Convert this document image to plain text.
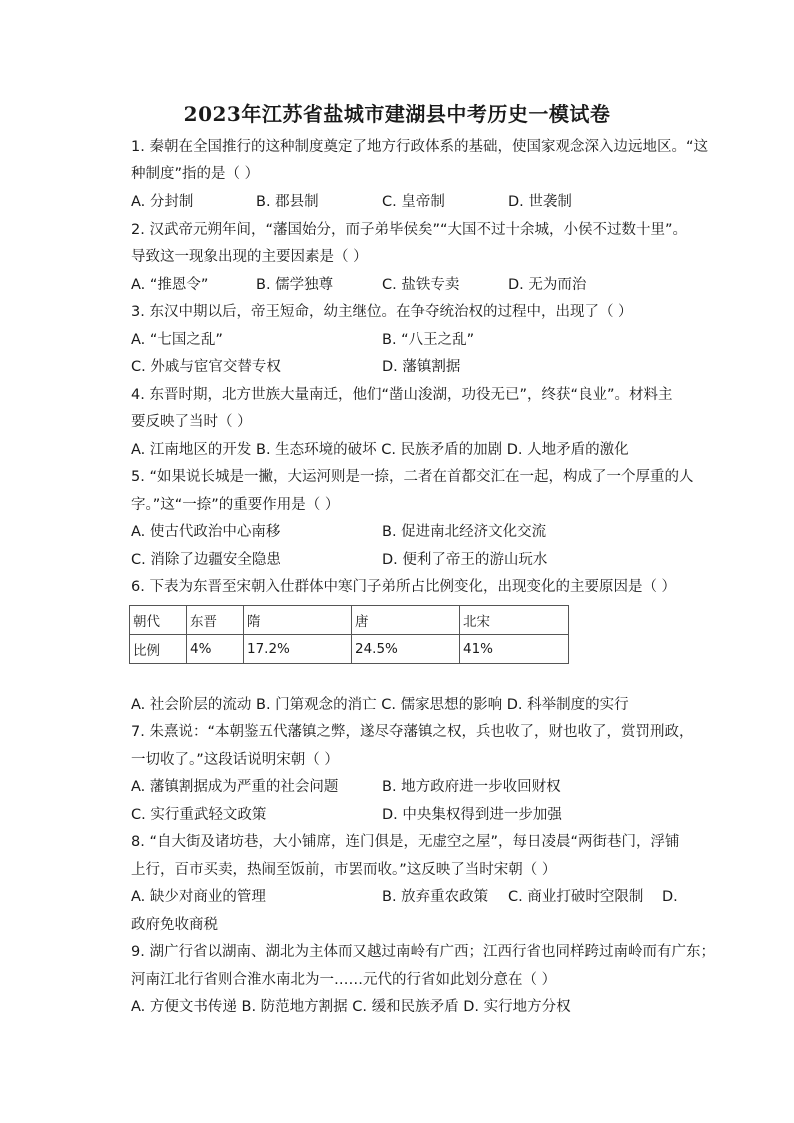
2023年江苏省盐城市建湖县中考历史一模试卷
1. 秦朝在全国推行的这种制度奠定了地方行政体系的基础，使国家观念深入边远地区。“这
种制度”指的是（ ）
A. 分封制	B. 郡县制	C. 皇帝制	D. 世袭制
2. 汉武帝元朔年间，“藩国始分，而子弟毕侯矣”“大国不过十余城，小侯不过数十里”。
导致这一现象出现的主要因素是（ ）
A. “推恩令”	B. 儒学独尊	C. 盐铁专卖	D. 无为而治
3. 东汉中期以后，帝王短命，幼主继位。在争夺统治权的过程中，出现了（ ）
A. “七国之乱”	B. “八王之乱”
C. 外戚与宦官交替专权	D. 藩镇割据
4. 东晋时期，北方世族大量南迁，他们“凿山浚湖，功役无已”，终获“良业”。材料主
要反映了当时（ ）
A. 江南地区的开发 B. 生态环境的破坏 C. 民族矛盾的加剧 D. 人地矛盾的激化
5. “如果说长城是一撇，大运河则是一捺，二者在首都交汇在一起，构成了一个厚重的人
字。”这“一捺”的重要作用是（ ）
A. 使古代政治中心南移	B. 促进南北经济文化交流
C. 消除了边疆安全隐患	D. 便利了帝王的游山玩水
6. 下表为东晋至宋朝入仕群体中寒门子弟所占比例变化，出现变化的主要原因是（ ）
朝代	东晋	隋	唐	北宋
比例	4%	17.2%	24.5%	41%
A. 社会阶层的流动 B. 门第观念的消亡 C. 儒家思想的影响 D. 科举制度的实行
7. 朱熹说：“本朝鉴五代藩镇之弊，遂尽夺藩镇之权，兵也收了，财也收了，赏罚刑政，
一切收了。”这段话说明宋朝（ ）
A. 藩镇割据成为严重的社会问题	B. 地方政府进一步收回财权
C. 实行重武轻文政策	D. 中央集权得到进一步加强
8. “自大街及诸坊巷，大小铺席，连门俱是，无虚空之屋”，每日凌晨“两街巷门，浮铺
上行，百市买卖，热闹至饭前，市罢而收。”这反映了当时宋朝（ ）
A. 缺少对商业的管理	B. 放弃重农政策 C. 商业打破时空限制 D.
政府免收商税
9. 湖广行省以湖南、湖北为主体而又越过南岭有广西；江西行省也同样跨过南岭而有广东；
河南江北行省则合淮水南北为一……元代的行省如此划分意在（ ）
A. 方便文书传递 B. 防范地方割据 C. 缓和民族矛盾 D. 实行地方分权
